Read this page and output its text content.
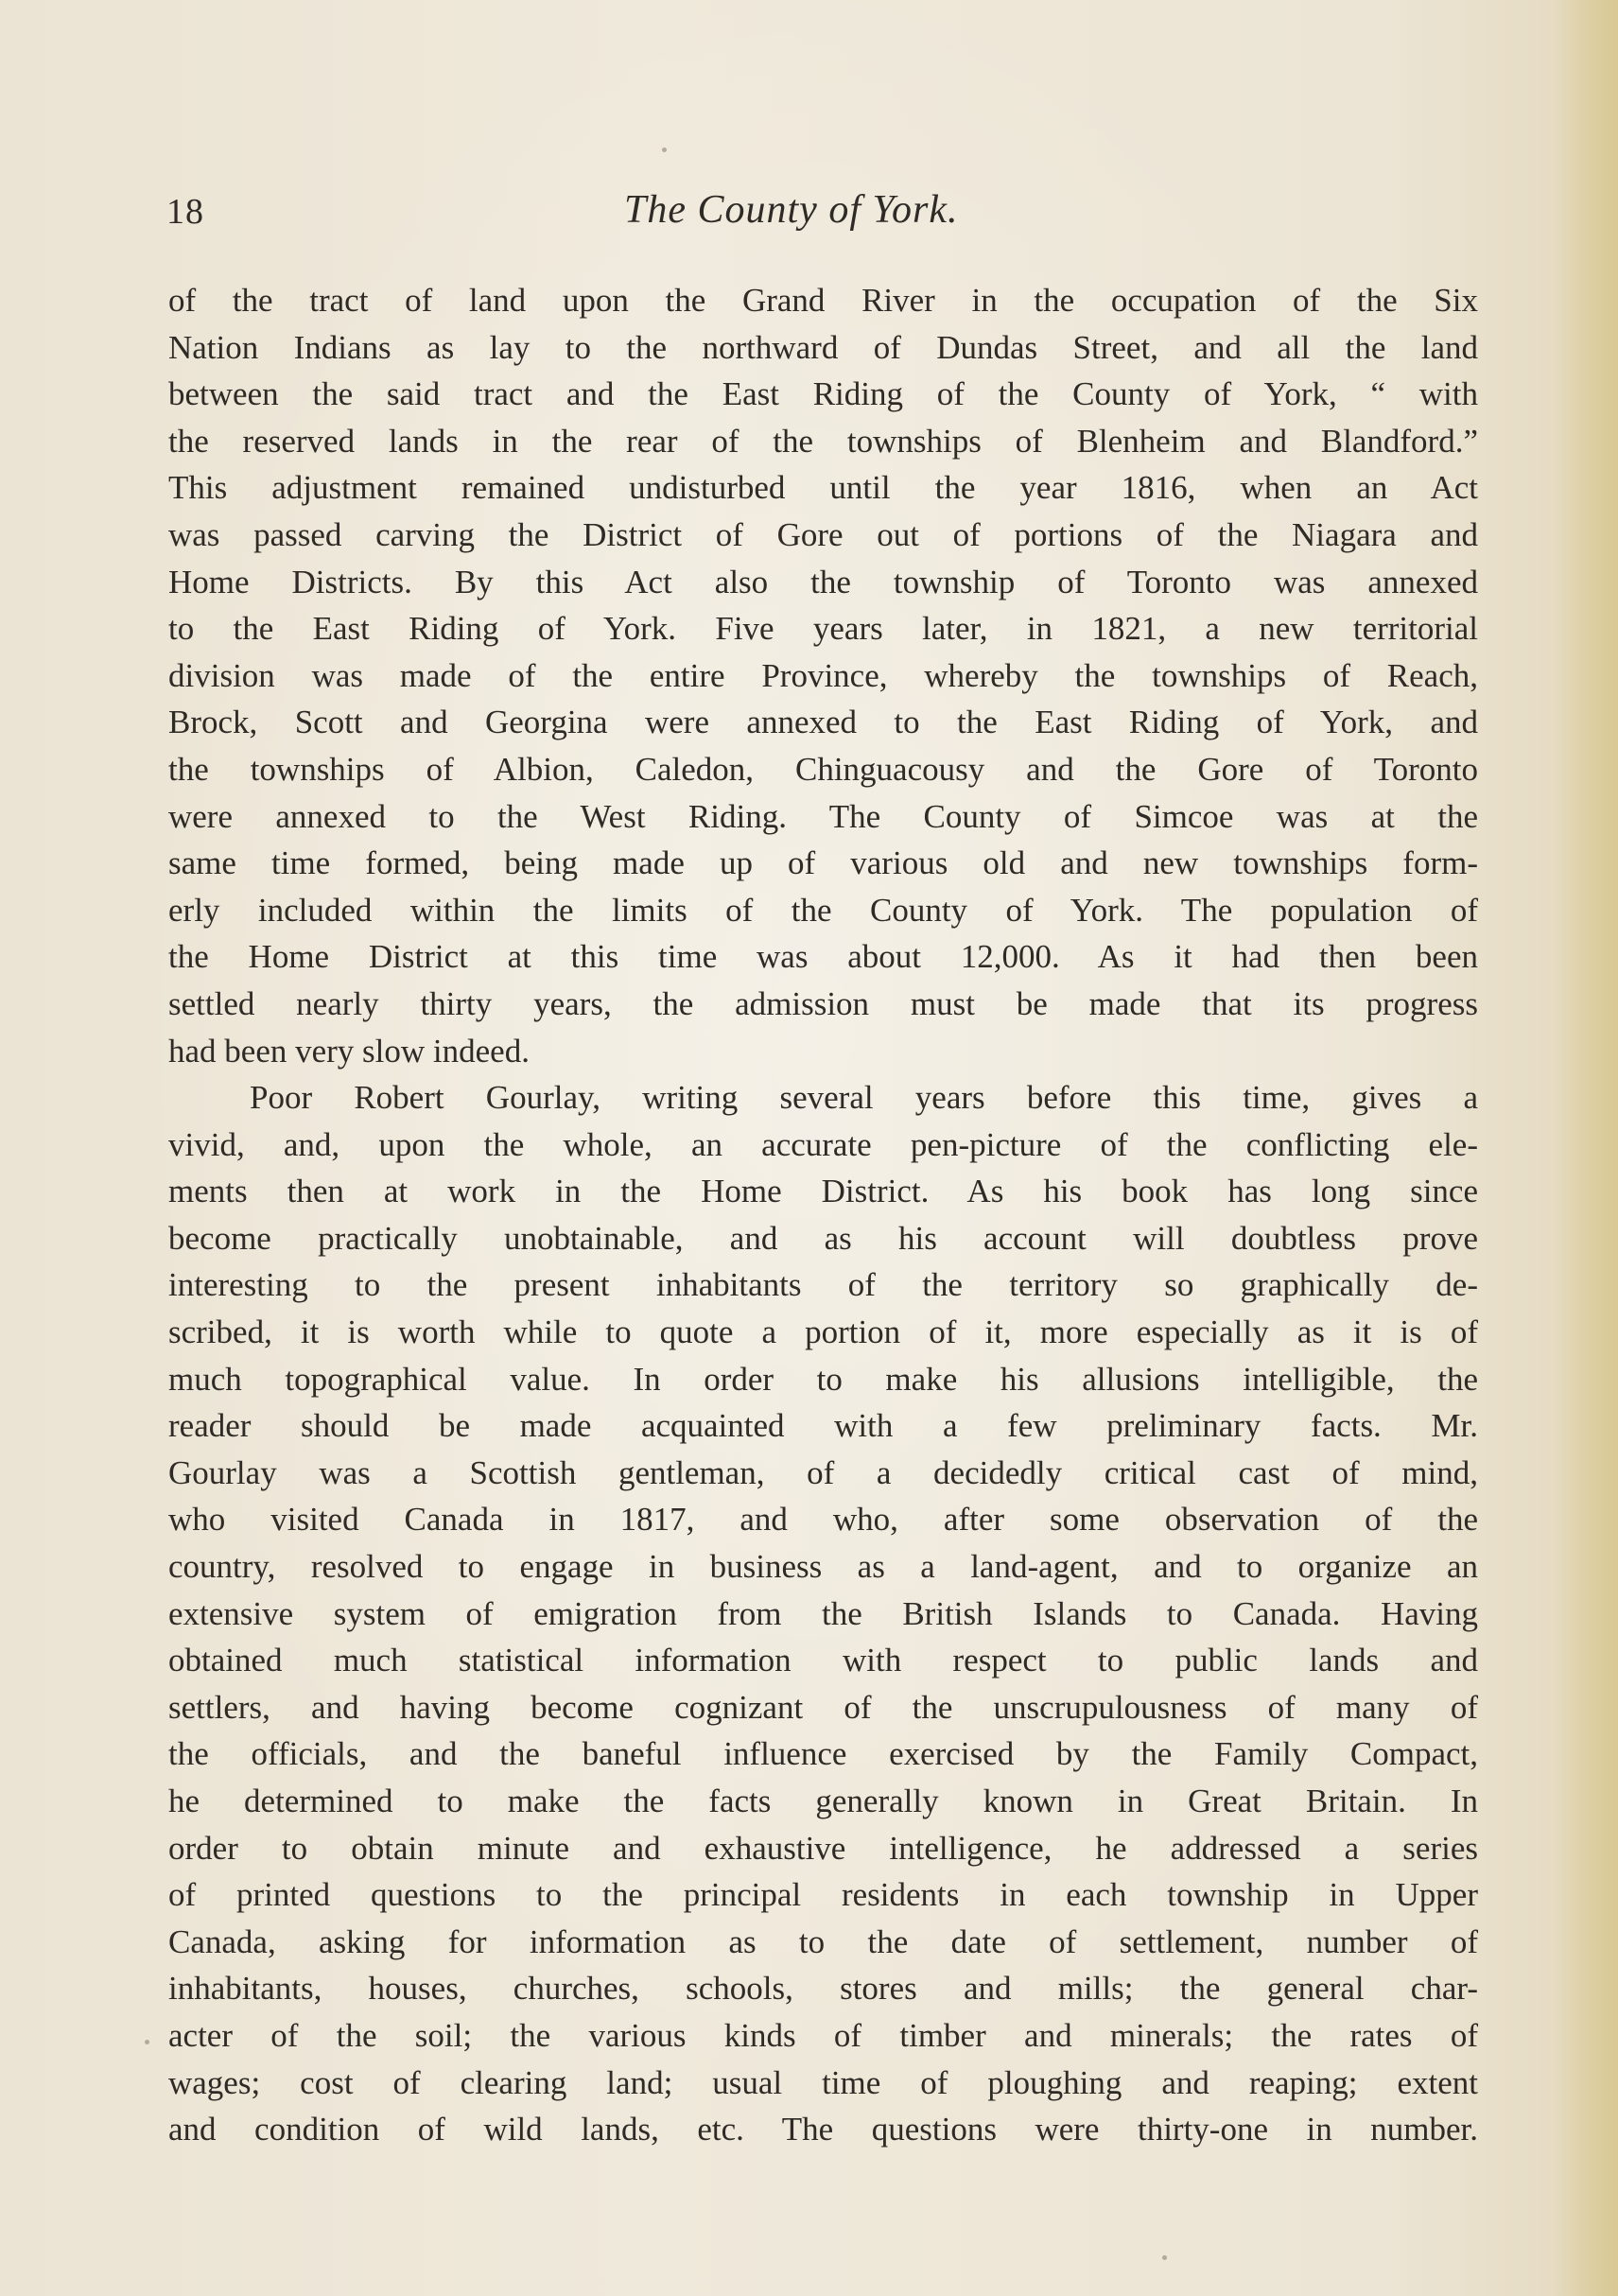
18	The County of York.
of the tract of land upon the Grand River in the occupation of the Six
Nation Indians as lay to the northward of Dundas Street, and all the land
between the said tract and the East Riding of the County of York, “ with
the reserved lands in the rear of the townships of Blenheim and Blandford.”
This adjustment remained undisturbed until the year 1816, when an Act
was passed carving the District of Gore out of portions of the Niagara and
Home Districts. By this Act also the township of Toronto was annexed
to the East Riding of York. Five years later, in 1821, a new territorial
division was made of the entire Province, whereby the townships of Reach,
Brock, Scott and Georgina were annexed to the East Riding of York, and
the townships of Albion, Caledon, Chinguacousy and the Gore of Toronto
were annexed to the West Riding. The County of Simcoe was at the
same time formed, being made up of various old and new townships form-
erly included within the limits of the County of York. The population of
the Home District at this time was about 12,000. As it had then been
settled nearly thirty years, the admission must be made that its progress
had been very slow indeed.
Poor Robert Gourlay, writing several years before this time, gives a
vivid, and, upon the whole, an accurate pen-picture of the conflicting ele-
ments then at work in the Home District. As his book has long since
become practically unobtainable, and as his account will doubtless prove
interesting to the present inhabitants of the territory so graphically de-
scribed, it is worth while to quote a portion of it, more especially as it is of
much topographical value. In order to make his allusions intelligible, the
reader should be made acquainted with a few preliminary facts. Mr.
Gourlay was a Scottish gentleman, of a decidedly critical cast of mind,
who visited Canada in 1817, and who, after some observation of the
country, resolved to engage in business as a land-agent, and to organize an
extensive system of emigration from the British Islands to Canada. Having
obtained much statistical information with respect to public lands and
settlers, and having become cognizant of the unscrupulousness of many of
the officials, and the baneful influence exercised by the Family Compact,
he determined to make the facts generally known in Great Britain. In
order to obtain minute and exhaustive intelligence, he addressed a series
of printed questions to the principal residents in each township in Upper
Canada, asking for information as to the date of settlement, number of
inhabitants, houses, churches, schools, stores and mills; the general char-
acter of the soil; the various kinds of timber and minerals; the rates of
wages; cost of clearing land; usual time of ploughing and reaping; extent
and condition of wild lands, etc. The questions were thirty-one in number.
